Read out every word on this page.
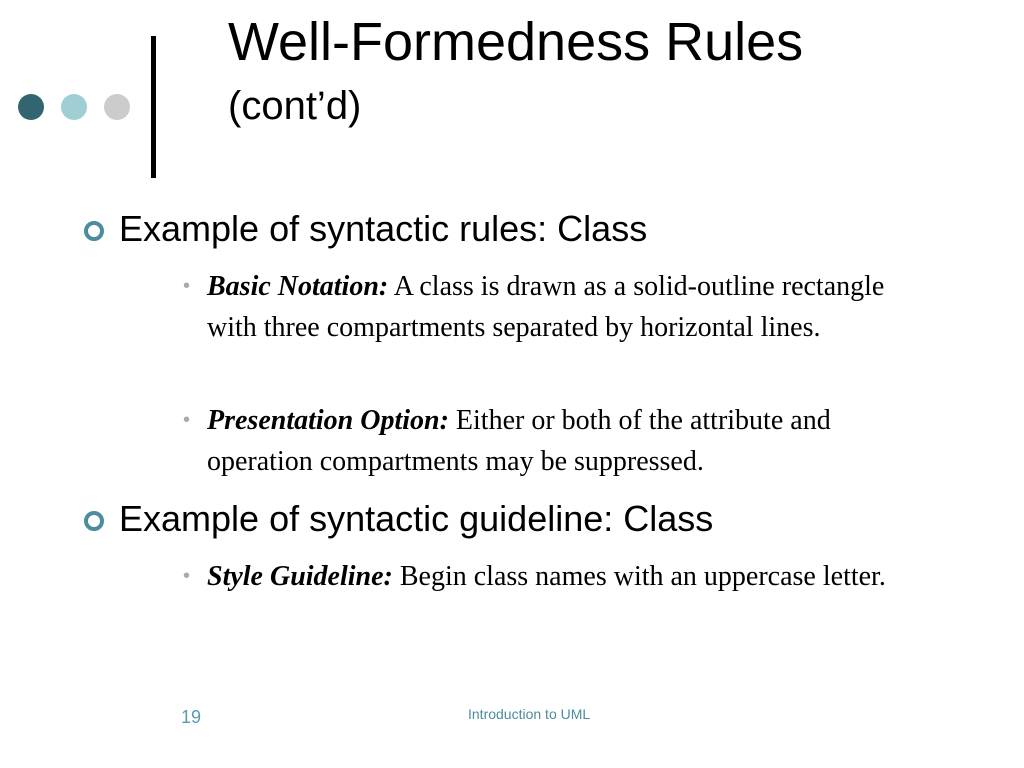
Well-Formedness Rules
(cont’d)
Example of syntactic rules: Class
• Basic Notation: A class is drawn as a solid-outline rectangle with three compartments separated by horizontal lines.
• Presentation Option: Either or both of the attribute and operation compartments may be suppressed.
Example of syntactic guideline: Class
• Style Guideline: Begin class names with an uppercase letter.
19	Introduction to UML
